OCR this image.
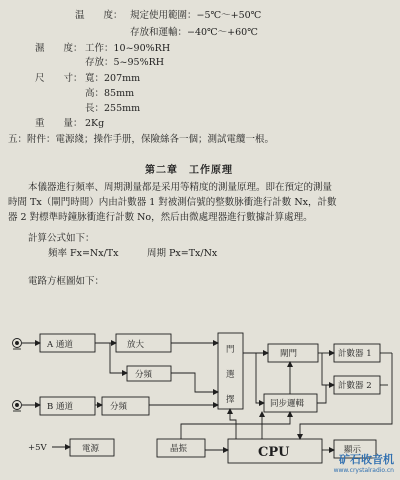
温　　度： 規定使用範圍：−5℃～+50℃
存放和運輸：−40℃～+60℃
濕　　度： 工作：10~90%RH
存放：5~95%RH
尺　　寸： 寬：207mm
高：85mm
長：255mm
重　　量： 2Kg
五：附件：電源綫；操作手册，保險絲各一個；測試電纜一根。
第二章　工作原理
本儀器進行頻率、周期測量都是采用等精度的測量原理。即在預定的測量
時間 Tx（閘門時間）内由計數器 1 對被測信號的整數脉衝進行計數 Nx，計數
器 2 對標準時鐘脉衝進行計數 No，然后由微處理器進行數據計算處理。
計算公式如下：
頻率 Fx=Nx/Tx　　　周期 Px=Tx/Nx
電路方框圖如下：
A 通道	放大
分頻
B 通道	分頻
門
選
擇
閘門
同步邏輯
計數器 1
計數器 2
+5V	電源	晶振	CPU	顯示
矿石收音机
www.crystalradio.cn
